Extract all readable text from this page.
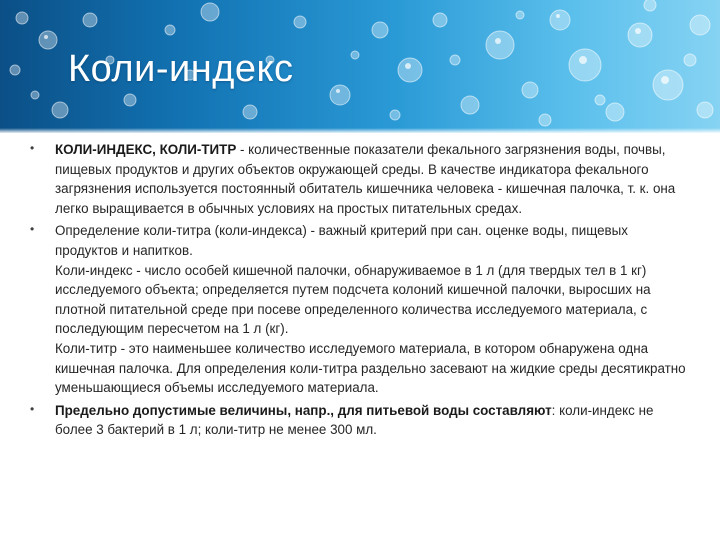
Коли-индекс
• КОЛИ-ИНДЕКС, КОЛИ-ТИТР - количественные показатели фекального загрязнения воды, почвы, пищевых продуктов и других объектов окружающей среды. В качестве индикатора фекального загрязнения используется постоянный обитатель кишечника человека - кишечная палочка, т. к. она легко выращивается в обычных условиях на простых питательных средах.

• Определение коли-титра (коли-индекса) - важный критерий при сан. оценке воды, пищевых продуктов и напитков.

Коли-индекс - число особей кишечной палочки, обнаруживаемое в 1 л (для твердых тел в 1 кг) исследуемого объекта; определяется путем подсчета колоний кишечной палочки, выросших на плотной питательной среде при посеве определенного количества исследуемого материала, с последующим пересчетом на 1 л (кг).

Коли-титр - это наименьшее количество исследуемого материала, в котором обнаружена одна кишечная палочка. Для определения коли-титра раздельно засевают на жидкие среды десятикратно уменьшающиеся объемы исследуемого материала.

• Предельно допустимые величины, напр., для питьевой воды составляют: коли-индекс не более 3 бактерий в 1 л; коли-титр не менее 300 мл.
